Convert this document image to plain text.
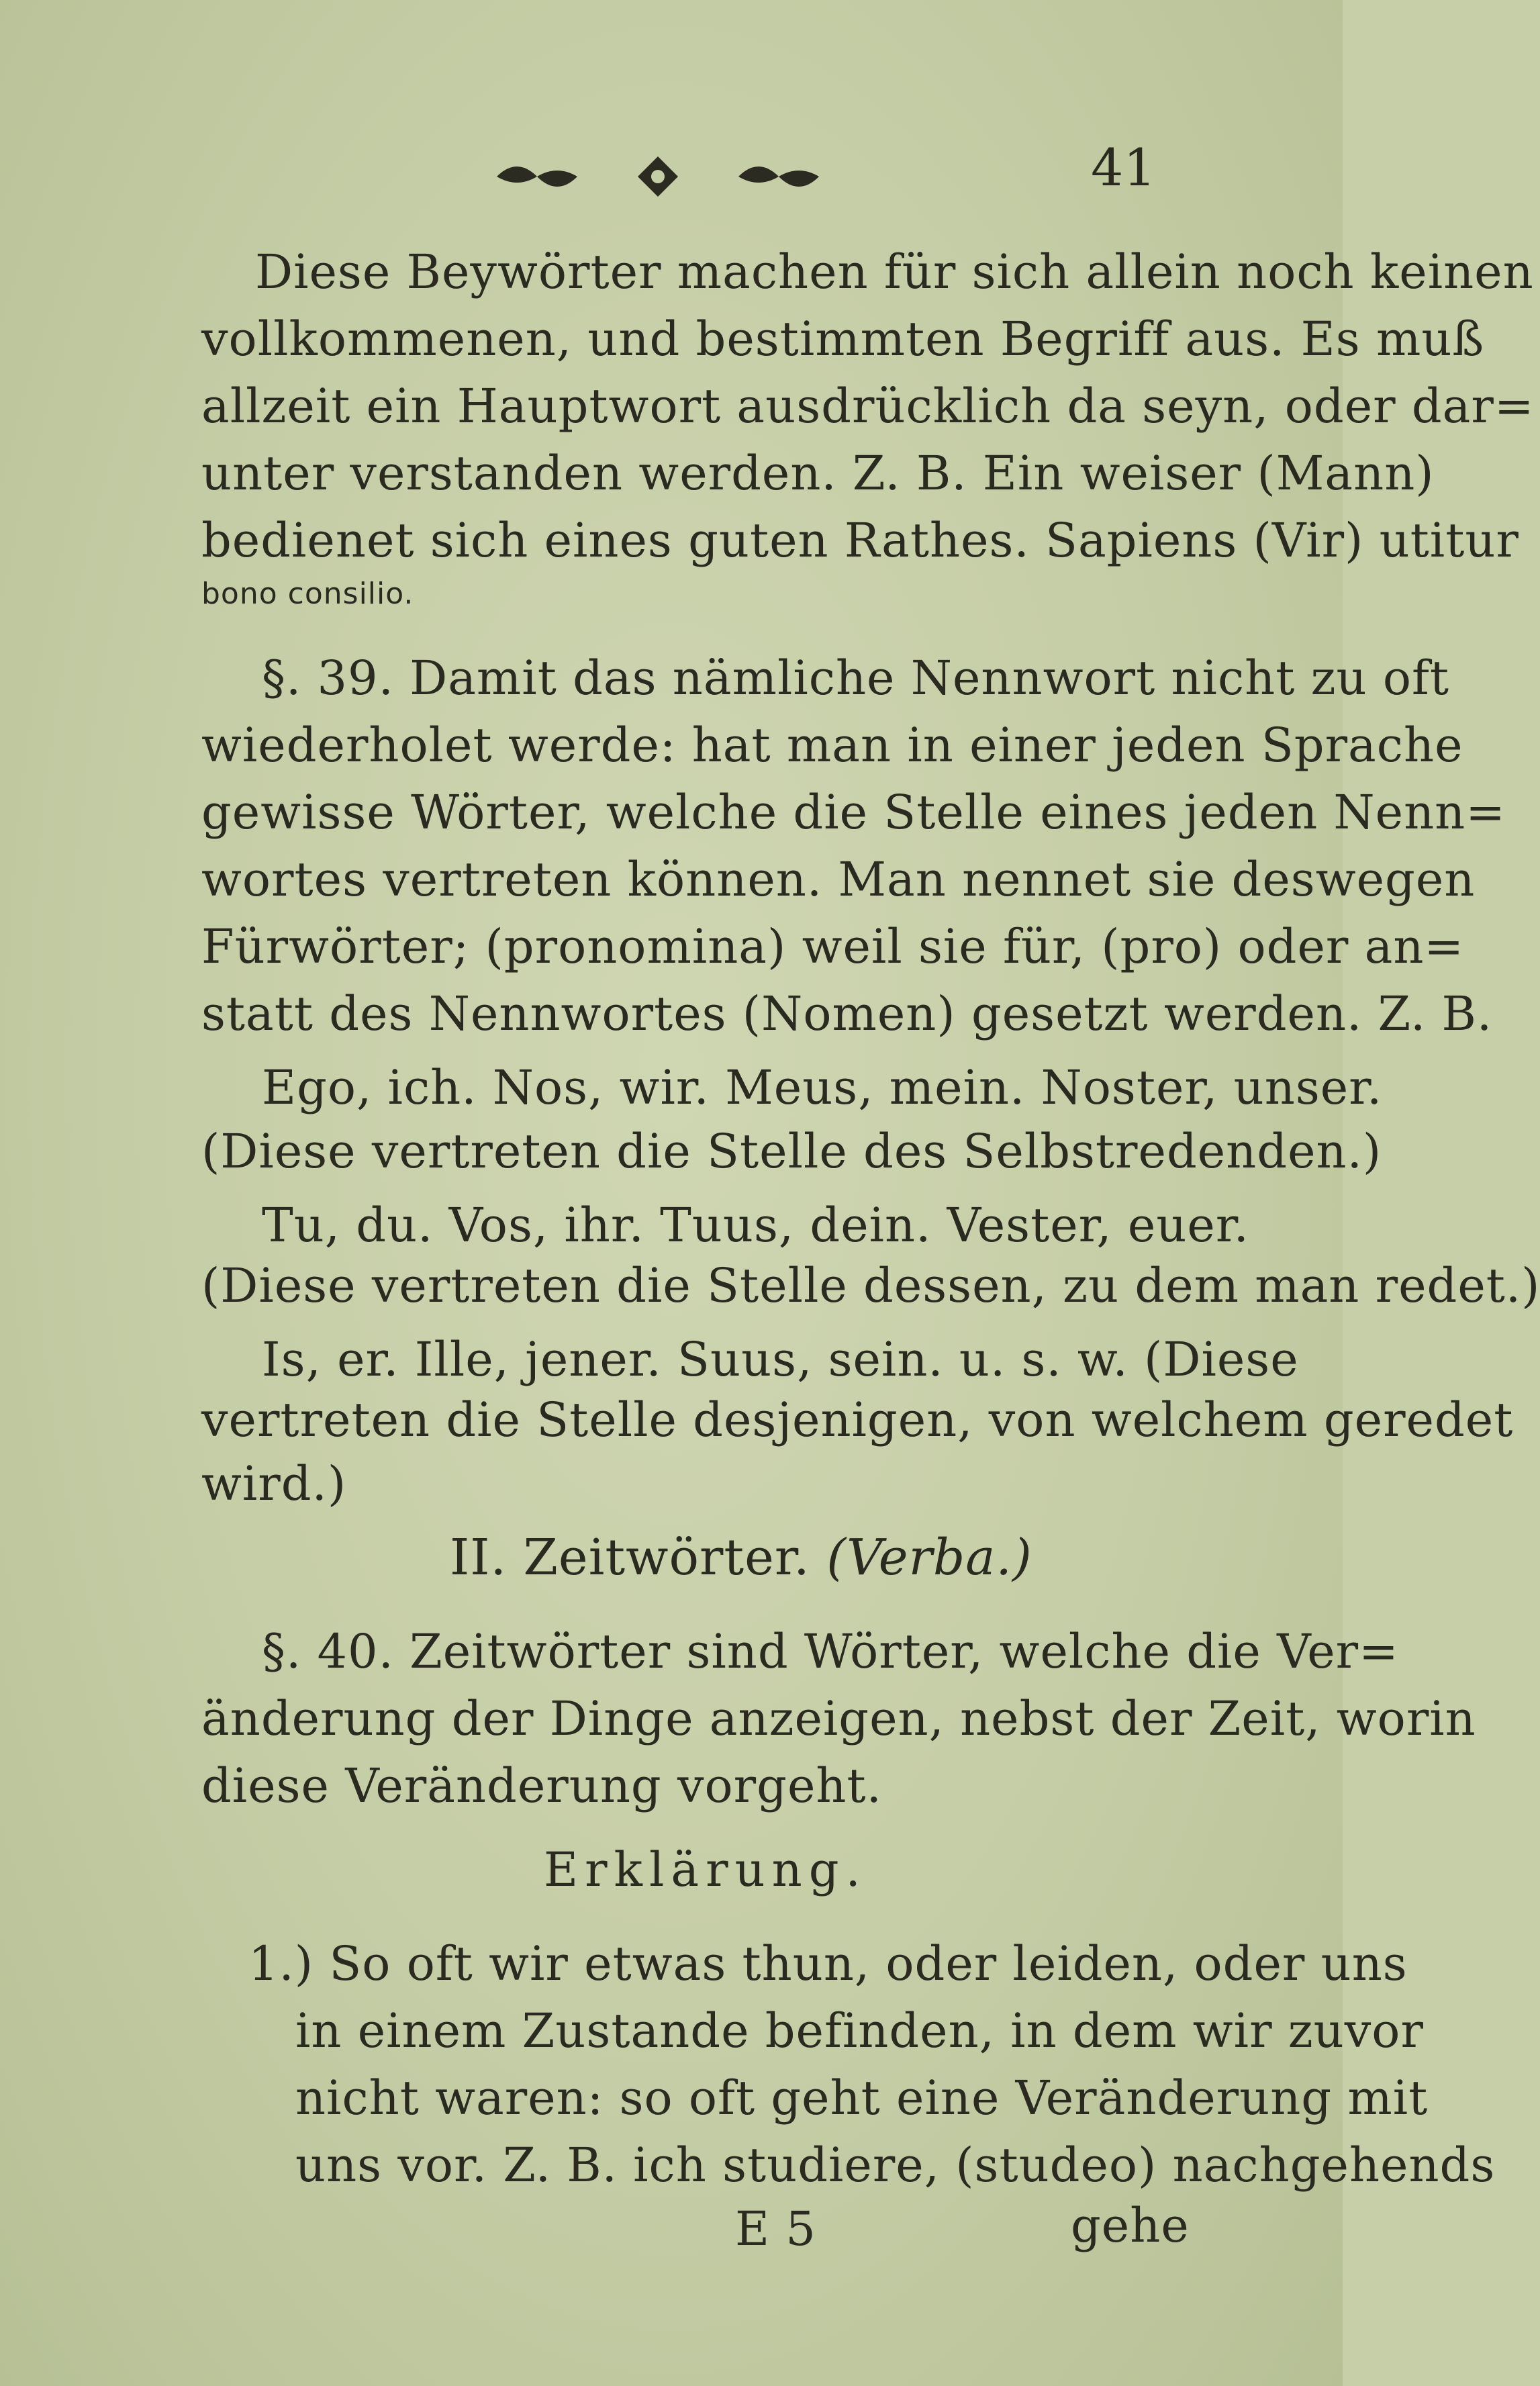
41
Diese Beywörter machen für sich allein noch keinen
vollkommenen, und bestimmten Begriff aus. Es muß
allzeit ein Hauptwort ausdrücklich da seyn, oder dar=
unter verstanden werden. Z. B. Ein weiser (Mann)
bedienet sich eines guten Rathes. Sapiens (Vir) utitur
bono consilio.
§. 39. Damit das nämliche Nennwort nicht zu oft
wiederholet werde: hat man in einer jeden Sprache
gewisse Wörter, welche die Stelle eines jeden Nenn=
wortes vertreten können. Man nennet sie deswegen
Fürwörter; (pronomina) weil sie für, (pro) oder an=
statt des Nennwortes (Nomen) gesetzt werden. Z. B.
Ego, ich. Nos, wir. Meus, mein. Noster, unser.
(Diese vertreten die Stelle des Selbstredenden.)
Tu, du. Vos, ihr. Tuus, dein. Vester, euer.
(Diese vertreten die Stelle dessen, zu dem man redet.)
Is, er. Ille, jener. Suus, sein. u. s. w. (Diese
vertreten die Stelle desjenigen, von welchem geredet
wird.)
II. Zeitwörter. (Verba.)
§. 40. Zeitwörter sind Wörter, welche die Ver=
änderung der Dinge anzeigen, nebst der Zeit, worin
diese Veränderung vorgeht.
Erklärung.
1.) So oft wir etwas thun, oder leiden, oder uns
in einem Zustande befinden, in dem wir zuvor
nicht waren: so oft geht eine Veränderung mit
uns vor. Z. B. ich studiere, (studeo) nachgehends
E 5	gehe
